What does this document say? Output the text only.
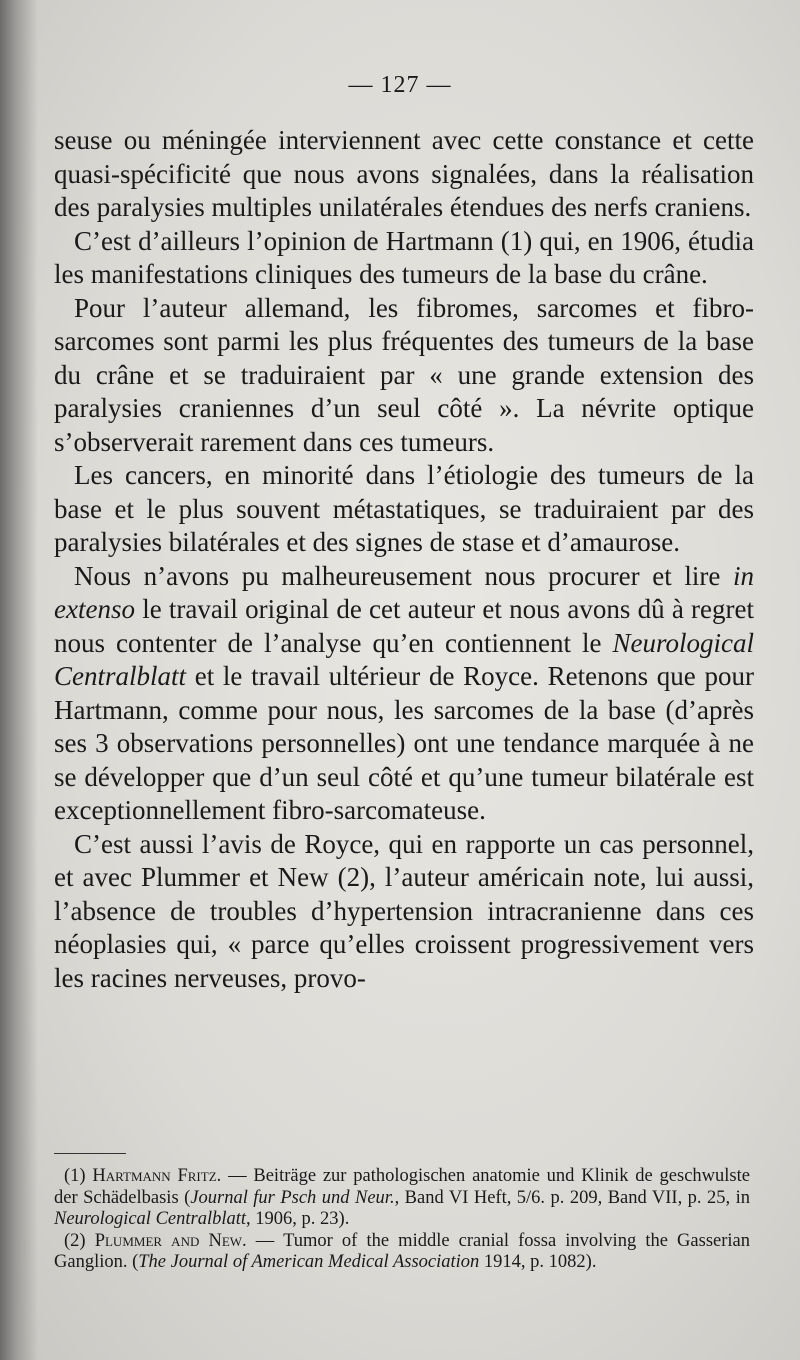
— 127 —

seuse ou méningée interviennent avec cette constance et cette quasi-spécificité que nous avons signalées, dans la réalisation des paralysies multiples unilatérales étendues des nerfs craniens.

C’est d’ailleurs l’opinion de Hartmann (1) qui, en 1906, étudia les manifestations cliniques des tumeurs de la base du crâne.

Pour l’auteur allemand, les fibromes, sarcomes et fibro-sarcomes sont parmi les plus fréquentes des tumeurs de la base du crâne et se traduiraient par « une grande extension des paralysies craniennes d’un seul côté ». La névrite optique s’observerait rarement dans ces tumeurs.

Les cancers, en minorité dans l’étiologie des tumeurs de la base et le plus souvent métastatiques, se traduiraient par des paralysies bilatérales et des signes de stase et d’amaurose.

Nous n’avons pu malheureusement nous procurer et lire in extenso le travail original de cet auteur et nous avons dû à regret nous contenter de l’analyse qu’en contiennent le Neurological Centralblatt et le travail ultérieur de Royce. Retenons que pour Hartmann, comme pour nous, les sarcomes de la base (d’après ses 3 observations personnelles) ont une tendance marquée à ne se développer que d’un seul côté et qu’une tumeur bilatérale est exceptionnellement fibro-sarcomateuse.

C’est aussi l’avis de Royce, qui en rapporte un cas personnel, et avec Plummer et New (2), l’auteur américain note, lui aussi, l’absence de troubles d’hypertension intracranienne dans ces néoplasies qui, « parce qu’elles croissent progressivement vers les racines nerveuses, provo-

(1) Hartmann Fritz. — Beiträge zur pathologischen anatomie und Klinik de geschwulste der Schädelbasis (Journal fur Psch und Neur., Band VI Heft, 5/6. p. 209, Band VII, p. 25, in Neurological Centralblatt, 1906, p. 23).

(2) Plummer and New. — Tumor of the middle cranial fossa involving the Gasserian Ganglion. (The Journal of American Medical Association 1914, p. 1082).
